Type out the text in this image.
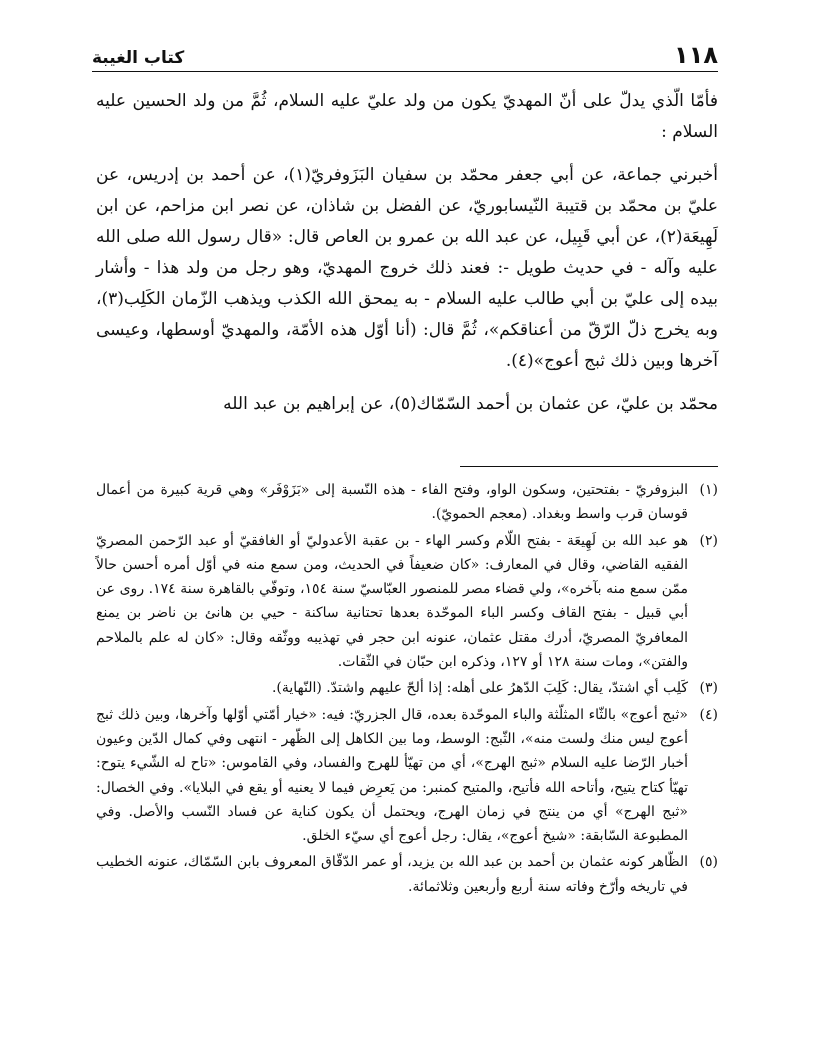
١١٨
كتاب الغيبة

فأمّا الّذي يدلّ على أنّ المهديّ يكون من ولد عليّ عليه السلام، ثُمَّ من ولد الحسين عليه السلام :

أخبرني جماعة، عن أبي جعفر محمّد بن سفيان البَزَوفريّ(١)، عن أحمد بن إدريس، عن عليّ بن محمّد بن قتيبة النّيسابوريّ، عن الفضل بن شاذان، عن نصر ابن مزاحم، عن ابن لَهِيعَة(٢)، عن أبي قَبِيل، عن عبد الله بن عمرو بن العاص قال: «قال رسول الله صلى الله عليه وآله - في حديث طويل -: فعند ذلك خروج المهديّ، وهو رجل من ولد هذا - وأشار بيده إلى عليّ بن أبي طالب عليه السلام - به يمحق الله الكذب ويذهب الزّمان الكَلِب(٣)، وبه يخرج ذلّ الرّقّ من أعناقكم»، ثُمَّ قال: (أنا أوّل هذه الأمّة، والمهديّ أوسطها، وعيسى آخرها وبين ذلك ثبج أعوج»(٤).

محمّد بن عليّ، عن عثمان بن أحمد السّمّاك(٥)، عن إبراهيم بن عبد الله

(١)
البزوفريّ - بفتحتين، وسكون الواو، وفتح الفاء - هذه النّسبة إلى «بَزَوْفَر» وهي قرية كبيرة من أعمال قوسان قرب واسط وبغداد. (معجم الحمويّ).
(٢)
هو عبد الله بن لَهِيعَة - بفتح اللّام وكسر الهاء - بن عقبة الأعدوليّ أو الغافقيّ أو عبد الرّحمن المصريّ الفقيه القاضي، وقال في المعارف: «كان ضعيفاً في الحديث، ومن سمع منه في أوّل أمره أحسن حالاً ممّن سمع منه بآخره»، ولي قضاء مصر للمنصور العبّاسيّ سنة ١٥٤، وتوفّي بالقاهرة سنة ١٧٤. روى عن أبي قبيل - بفتح القاف وكسر الباء الموحّدة بعدها تحتانية ساكنة - حيي بن هانئ بن ناضر بن يمنع المعافريّ المصريّ، أدرك مقتل عثمان، عنونه ابن حجر في تهذيبه ووثّقه وقال: «كان له علم بالملاحم والفتن»، ومات سنة ١٢٨ أو ١٢٧، وذكره ابن حبّان في الثّقات.
(٣)
كَلِب أي اشتدّ، يقال: كَلِبَ الدّهرُ على أهله: إذا ألحّ عليهم واشتدّ. (النّهاية).
(٤)
«ثبج أعوج» بالثّاء المثلّثة والباء الموحّدة بعده، قال الجزريّ: فيه: «خيار أمّتي أوّلها وآخرها، وبين ذلك ثبج أعوج ليس منك ولست منه»، الثّبج: الوسط، وما بين الكاهل إلى الظّهر - انتهى وفي كمال الدّين وعيون أخبار الرّضا عليه السلام «ثبج الهرج»، أي من تهيّأ للهرج والفساد، وفي القاموس: «تاح له الشّيء يتوح: تهيّأ كتاح يتيح، وأتاحه الله فأتيح، والمتيح كمنبر: من يَعرِض فيما لا يعنيه أو يقع في البلايا». وفي الخصال: «ثبج الهرج» أي من ينتج في زمان الهرج، ويحتمل أن يكون كناية عن فساد النّسب والأصل. وفي المطبوعة السّابقة: «شيخ أعوج»، يقال: رجل أعوج أي سيّء الخلق.
(٥)
الظّاهر كونه عثمان بن أحمد بن عبد الله بن يزيد، أو عمر الدّقّاق المعروف بابن السّمّاك، عنونه الخطيب في تاريخه وأرّخ وفاته سنة أربع وأربعين وثلاثمائة.
